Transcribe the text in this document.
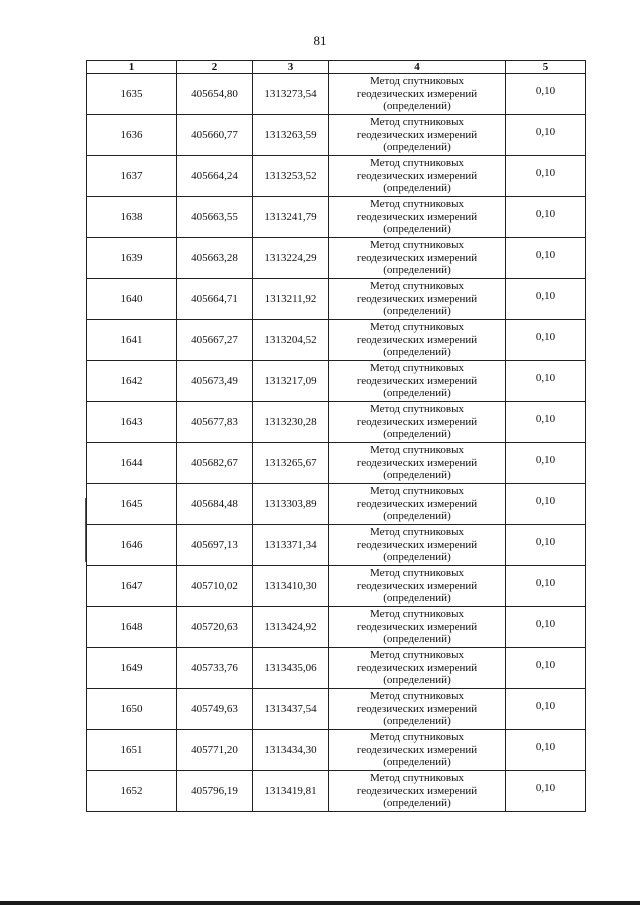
81
1	2	3	4	5
1635	405654,80	1313273,54	Метод спутниковых
геодезических измерений
(определений)	0,10
1636	405660,77	1313263,59	Метод спутниковых
геодезических измерений
(определений)	0,10
1637	405664,24	1313253,52	Метод спутниковых
геодезических измерений
(определений)	0,10
1638	405663,55	1313241,79	Метод спутниковых
геодезических измерений
(определений)	0,10
1639	405663,28	1313224,29	Метод спутниковых
геодезических измерений
(определений)	0,10
1640	405664,71	1313211,92	Метод спутниковых
геодезических измерений
(определений)	0,10
1641	405667,27	1313204,52	Метод спутниковых
геодезических измерений
(определений)	0,10
1642	405673,49	1313217,09	Метод спутниковых
геодезических измерений
(определений)	0,10
1643	405677,83	1313230,28	Метод спутниковых
геодезических измерений
(определений)	0,10
1644	405682,67	1313265,67	Метод спутниковых
геодезических измерений
(определений)	0,10
1645	405684,48	1313303,89	Метод спутниковых
геодезических измерений
(определений)	0,10
1646	405697,13	1313371,34	Метод спутниковых
геодезических измерений
(определений)	0,10
1647	405710,02	1313410,30	Метод спутниковых
геодезических измерений
(определений)	0,10
1648	405720,63	1313424,92	Метод спутниковых
геодезических измерений
(определений)	0,10
1649	405733,76	1313435,06	Метод спутниковых
геодезических измерений
(определений)	0,10
1650	405749,63	1313437,54	Метод спутниковых
геодезических измерений
(определений)	0,10
1651	405771,20	1313434,30	Метод спутниковых
геодезических измерений
(определений)	0,10
1652	405796,19	1313419,81	Метод спутниковых
геодезических измерений
(определений)	0,10
